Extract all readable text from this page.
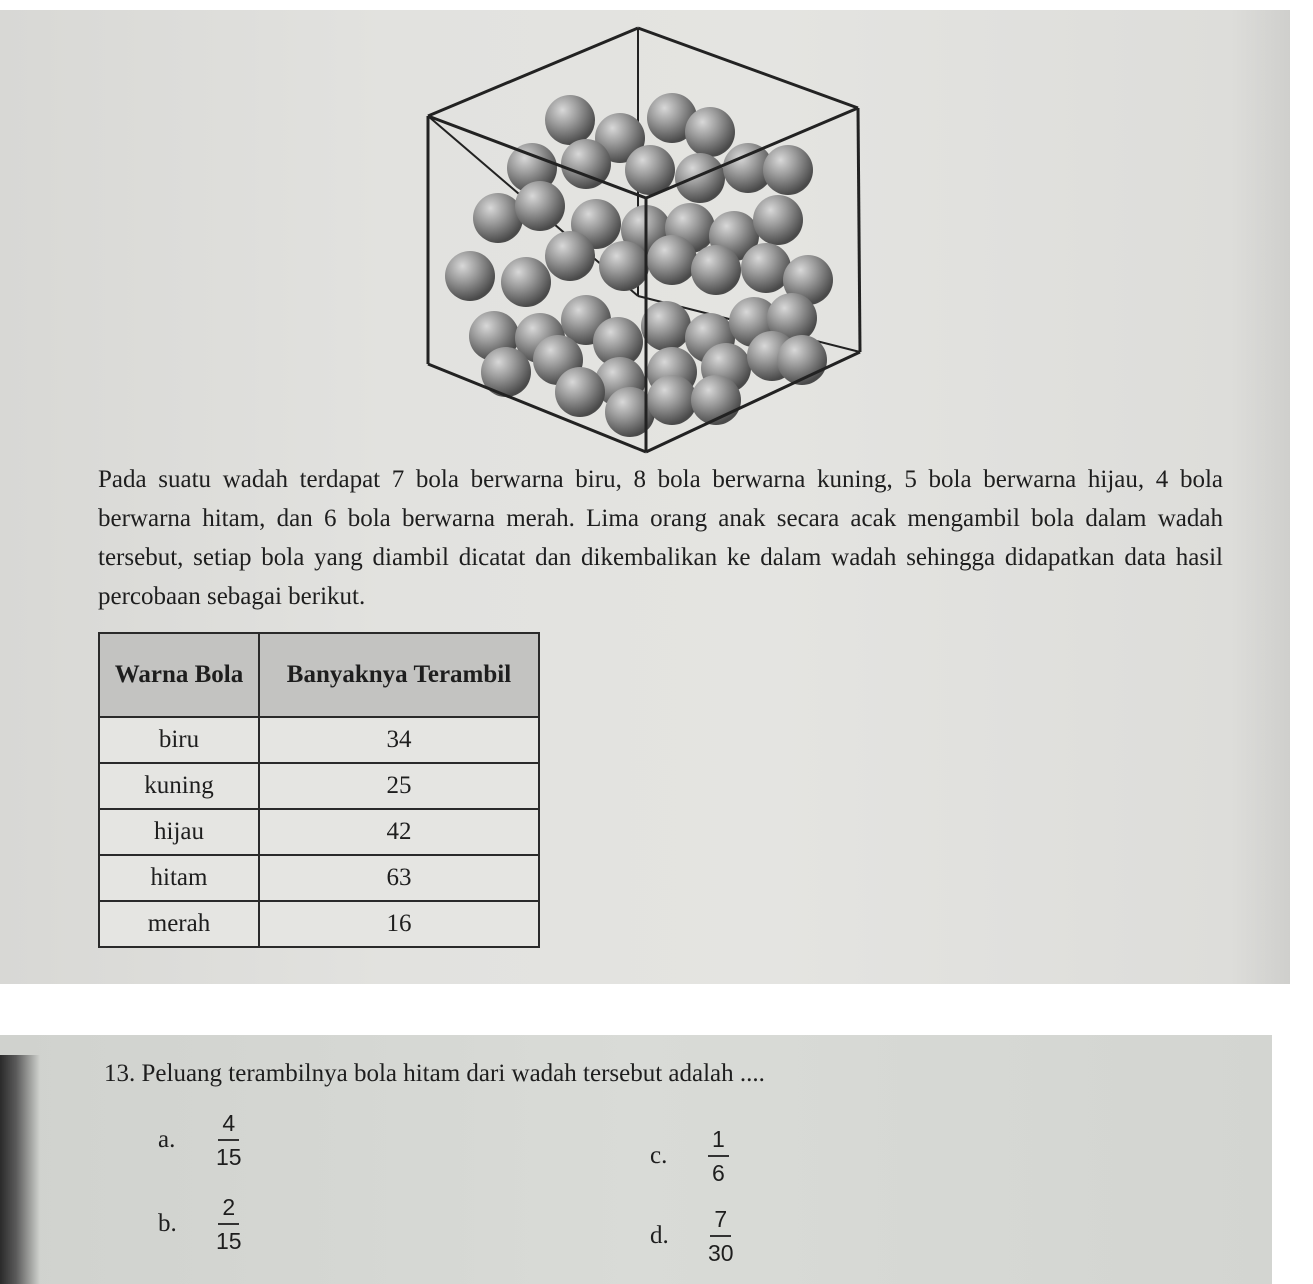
Pada suatu wadah terdapat 7 bola berwarna biru, 8 bola berwarna kuning, 5 bola berwarna hijau, 4 bola berwarna hitam, dan 6 bola berwarna merah. Lima orang anak secara acak mengambil bola dalam wadah tersebut, setiap bola yang diambil dicatat dan dikembalikan ke dalam wadah sehingga didapatkan data hasil percobaan sebagai berikut.

Warna Bola	Banyaknya Terambil
biru	34
kuning	25
hijau	42
hitam	63
merah	16
13. Peluang terambilnya bola hitam dari wadah tersebut adalah ....
a.	$\frac{4}{15}$
b.	$\frac{2}{15}$
c.	$\frac{1}{6}$
d.	$\frac{7}{30}$
